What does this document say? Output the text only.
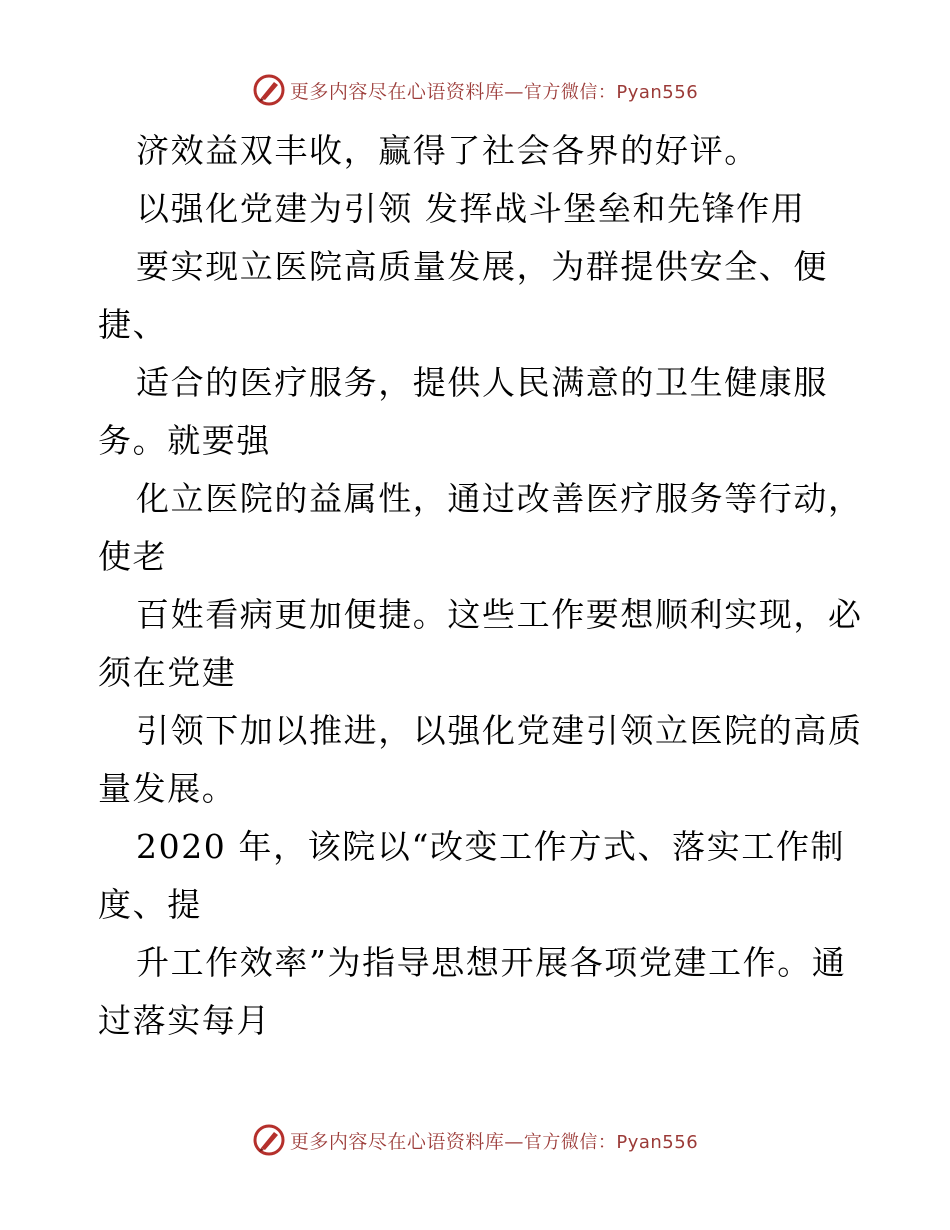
更多内容尽在心语资料库—官方微信：Pyan556
济效益双丰收，赢得了社会各界的好评。
以强化党建为引领 发挥战斗堡垒和先锋作用
要实现立医院高质量发展，为群提供安全、便
捷、
适合的医疗服务，提供人民满意的卫生健康服
务。就要强
化立医院的益属性，通过改善医疗服务等行动，
使老
百姓看病更加便捷。这些工作要想顺利实现，必
须在党建
引领下加以推进，以强化党建引领立医院的高质
量发展。
2020 年，该院以“改变工作方式、落实工作制
度、提
升工作效率”为指导思想开展各项党建工作。通
过落实每月
更多内容尽在心语资料库—官方微信：Pyan556
